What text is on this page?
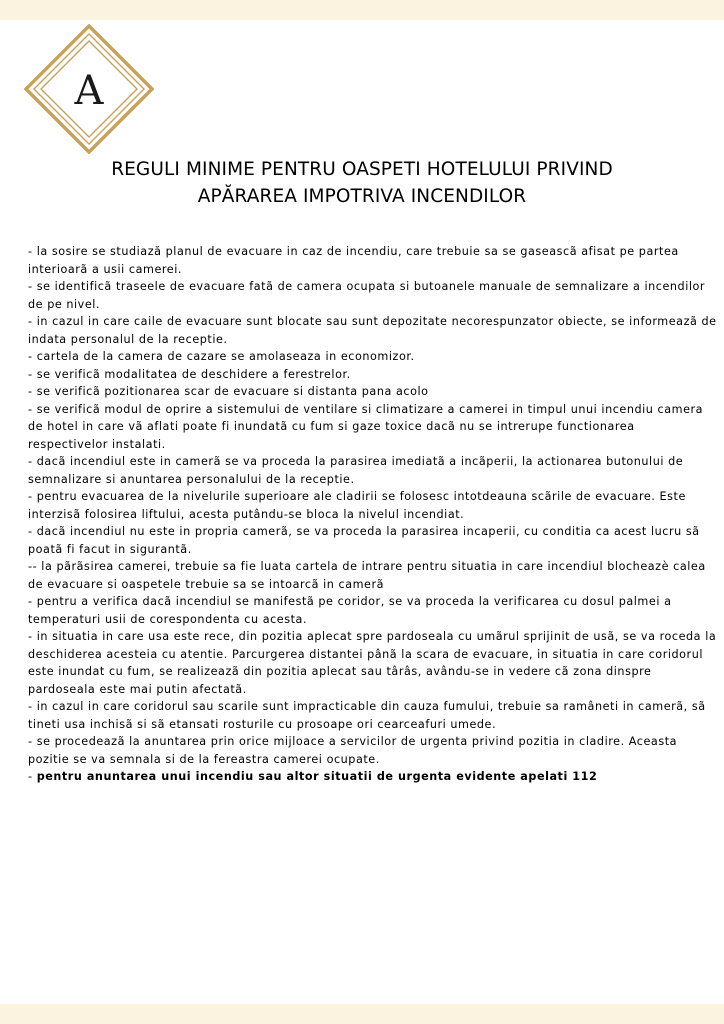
A
REGULI MINIME PENTRU OASPETI HOTELULUI PRIVIND
APĂRAREA IMPOTRIVA INCENDILOR

- la sosire se studiază planul de evacuare in caz de incendiu, care trebuie sa se gaseascã afisat pe partea interioarã a usii camerei.

- se identificã traseele de evacuare fatã de camera ocupata si butoanele manuale de semnalizare a incendilor de pe nivel.

- in cazul in care caile de evacuare sunt blocate sau sunt depozitate necorespunzator obiecte, se informeazã de indata personalul de la receptie.

- cartela de la camera de cazare se amolaseaza in economizor.

- se verificã modalitatea de deschidere a ferestrelor.

- se verificã pozitionarea scar de evacuare si distanta pana acolo

- se verificã modul de oprire a sistemului de ventilare si climatizare a camerei in timpul unui incendiu camera de hotel in care vã aflati poate fi inundatã cu fum si gaze toxice dacã nu se intrerupe functionarea respectivelor instalati.

- dacã incendiul este in camerã se va proceda la parasirea imediatã a incãperii, la actionarea butonului de semnalizare si anuntarea personalului de la receptie.

- pentru evacuarea de la nivelurile superioare ale cladirii se folosesc intotdeauna scãrile de evacuare. Este interzisã folosirea liftului, acesta putându-se bloca la nivelul incendiat.

- dacã incendiul nu este in propria camerã, se va proceda la parasirea incaperii, cu conditia ca acest lucru sã poatã fi facut in sigurantã.

-- la pãrãsirea camerei, trebuie sa fie luata cartela de intrare pentru situatia in care incendiul blocheazè calea de evacuare si oaspetele trebuie sa se intoarcã in camerã

- pentru a verifica dacã incendiul se manifestã pe coridor, se va proceda la verificarea cu dosul palmei a temperaturi usii de corespondenta cu acesta.

- in situatia in care usa este rece, din pozitia aplecat spre pardoseala cu umãrul sprijinit de usã, se va roceda la deschiderea acesteia cu atentie. Parcurgerea distantei pânã la scara de evacuare, in situatia in care coridorul este inundat cu fum, se realizeazã din pozitia aplecat sau târâs, avându-se in vedere cã zona dinspre pardoseala este mai putin afectatã.

- in cazul in care coridorul sau scarile sunt impracticable din cauza fumului, trebuie sa ramâneti in camerã, sã tineti usa inchisã si sã etansati rosturile cu prosoape ori cearceafuri umede.

- se procedeazã la anuntarea prin orice mijloace a servicilor de urgenta privind pozitia in cladire. Aceasta pozitie se va semnala si de la fereastra camerei ocupate.

- pentru anuntarea unui incendiu sau altor situatii de urgenta evidente apelati 112
